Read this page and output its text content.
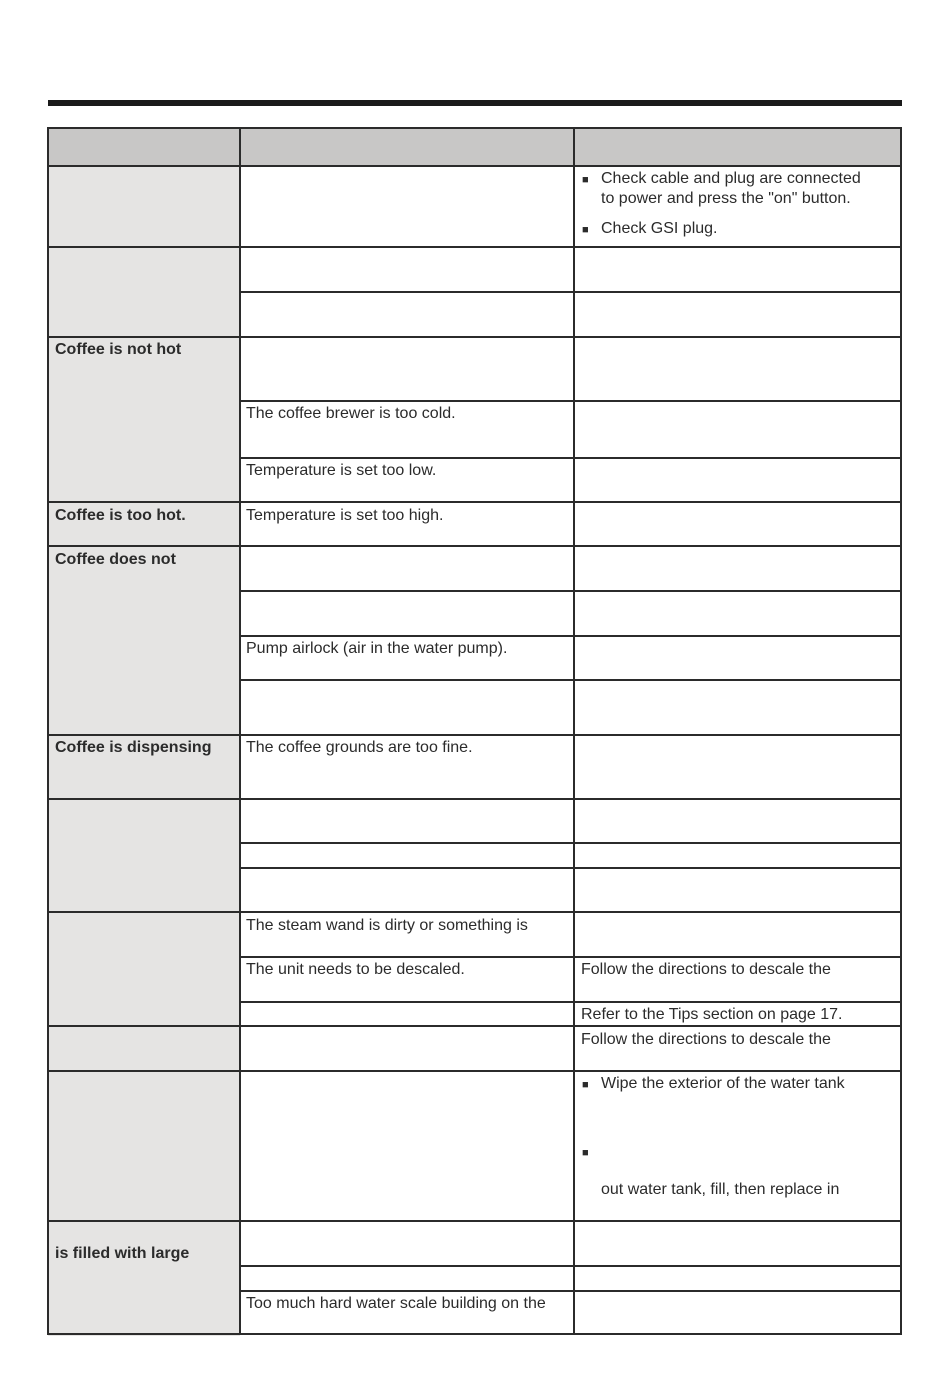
■ Check cable and plug are connected
to power and press the "on" button.
■ Check GSI plug.
Coffee is not hot
The coffee brewer is too cold.
Temperature is set too low.
Coffee is too hot.	Temperature is set too high.
Coffee does not
Pump airlock (air in the water pump).
Coffee is dispensing The coffee grounds are too fine.
The steam wand is dirty or something is
The unit needs to be descaled.	Follow the directions to descale the
Refer to the Tips section on page 17.
Follow the directions to descale the
■ Wipe the exterior of the water tank
■
out water tank, fill, then replace in
is filled with large
Too much hard water scale building on the
